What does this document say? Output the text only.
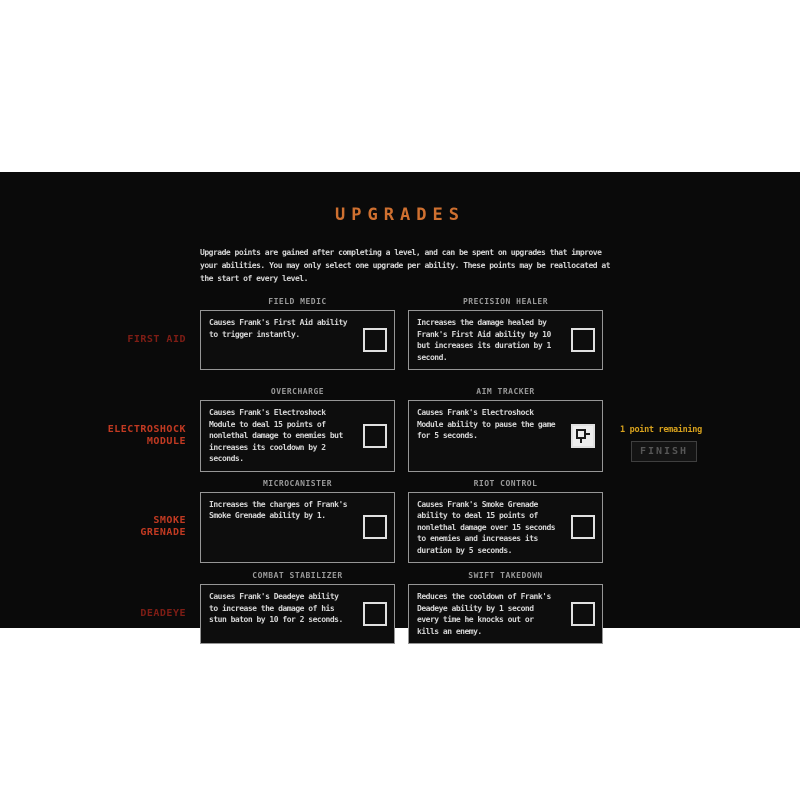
UPGRADES
Upgrade points are gained after completing a level, and can be spent on upgrades that improve your abilities. You may only select one upgrade per ability. These points may be reallocated at the start of every level.
FIRST AID
FIELD MEDIC
Causes Frank's First Aid ability to trigger instantly.
PRECISION HEALER
Increases the damage healed by Frank's First Aid ability by 10 but increases its duration by 1 second.
ELECTROSHOCK MODULE
OVERCHARGE
Causes Frank's Electroshock Module to deal 15 points of nonlethal damage to enemies but increases its cooldown by 2 seconds.
AIM TRACKER
Causes Frank's Electroshock Module ability to pause the game for 5 seconds.
SMOKE GRENADE
MICROCANISTER
Increases the charges of Frank's Smoke Grenade ability by 1.
RIOT CONTROL
Causes Frank's Smoke Grenade ability to deal 15 points of nonlethal damage over 15 seconds to enemies and increases its duration by 5 seconds.
DEADEYE
COMBAT STABILIZER
Causes Frank's Deadeye ability to increase the damage of his stun baton by 10 for 2 seconds.
SWIFT TAKEDOWN
Reduces the cooldown of Frank's Deadeye ability by 1 second every time he knocks out or kills an enemy.
1 point remaining
FINISH
